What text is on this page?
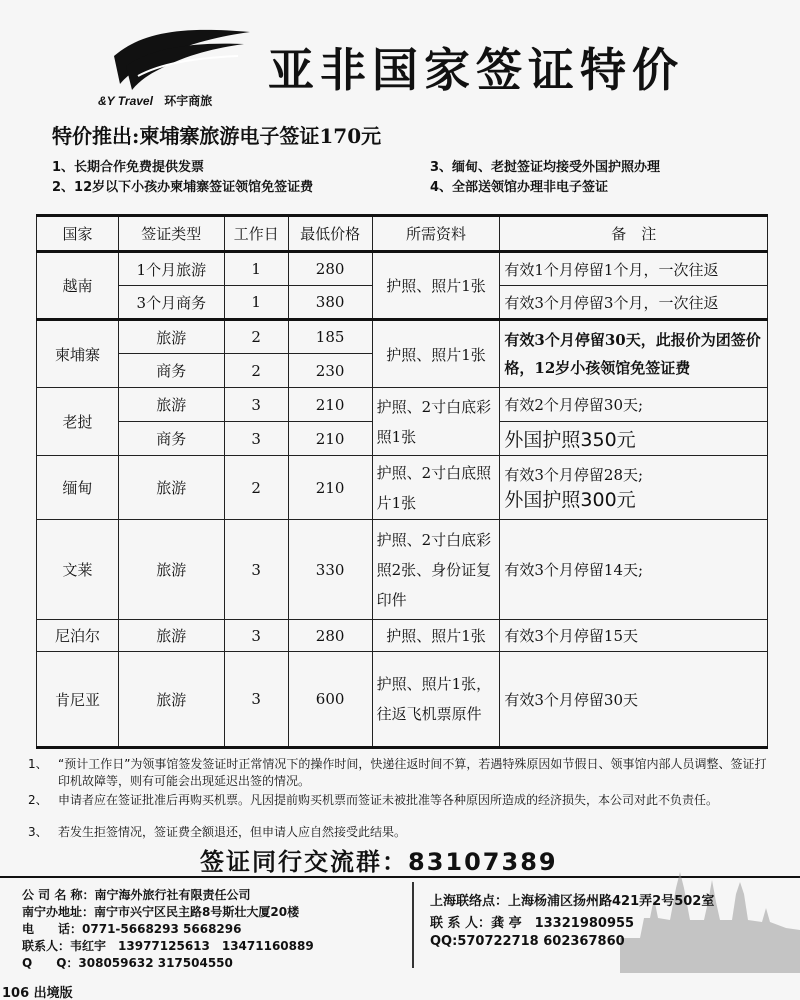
&Y Travel 环宇商旅
亚非国家签证特价
特价推出:柬埔寨旅游电子签证170元
1、长期合作免费提供发票
2、12岁以下小孩办柬埔寨签证领馆免签证费
3、缅甸、老挝签证均接受外国护照办理
4、全部送领馆办理非电子签证
国家	签证类型	工作日	最低价格	所需资料	备　注
越南	1个月旅游	1	280	护照、照片1张	有效1个月停留1个月，一次往返
	3个月商务	1	380		有效3个月停留3个月，一次往返
柬埔寨	旅游	2	185	护照、照片1张	有效3个月停留30天，此报价为团签价格，12岁小孩领馆免签证费
	商务	2	230		
老挝	旅游	3	210	护照、2寸白底彩照1张	有效2个月停留30天;
	商务	3	210		外国护照350元
缅甸	旅游	2	210	护照、2寸白底照片1张	有效3个月停留28天;
外国护照300元

文莱	旅游	3	330	护照、2寸白底彩照2张、身份证复印件	有效3个月停留14天;
尼泊尔	旅游	3	280	护照、照片1张	有效3个月停留15天
肯尼亚	旅游	3	600	护照、照片1张，往返飞机票原件	有效3个月停留30天
1、 “预计工作日”为领事馆签发签证时正常情况下的操作时间，快递往返时间不算，若遇特殊原因如节假日、领事馆内部人员调整、签证打印机故障等，则有可能会出现延迟出签的情况。
2、 申请者应在签证批准后再购买机票。凡因提前购买机票而签证未被批准等各种原因所造成的经济损失，本公司对此不负责任。
3、 若发生拒签情况，签证费全额退还，但申请人应自然接受此结果。
签证同行交流群：83107389
公 司 名 称：南宁海外旅行社有限责任公司
南宁办地址：南宁市兴宁区民主路8号斯壮大厦20楼
电　　话：0771-5668293 5668296
联系人：韦红宇　13977125613　13471160889
Q　　Q：308059632 317504550
上海联络点：上海杨浦区扬州路421弄2号502室
联 系 人：龚 亭　13321980955
QQ:570722718 602367860
106 出境版
